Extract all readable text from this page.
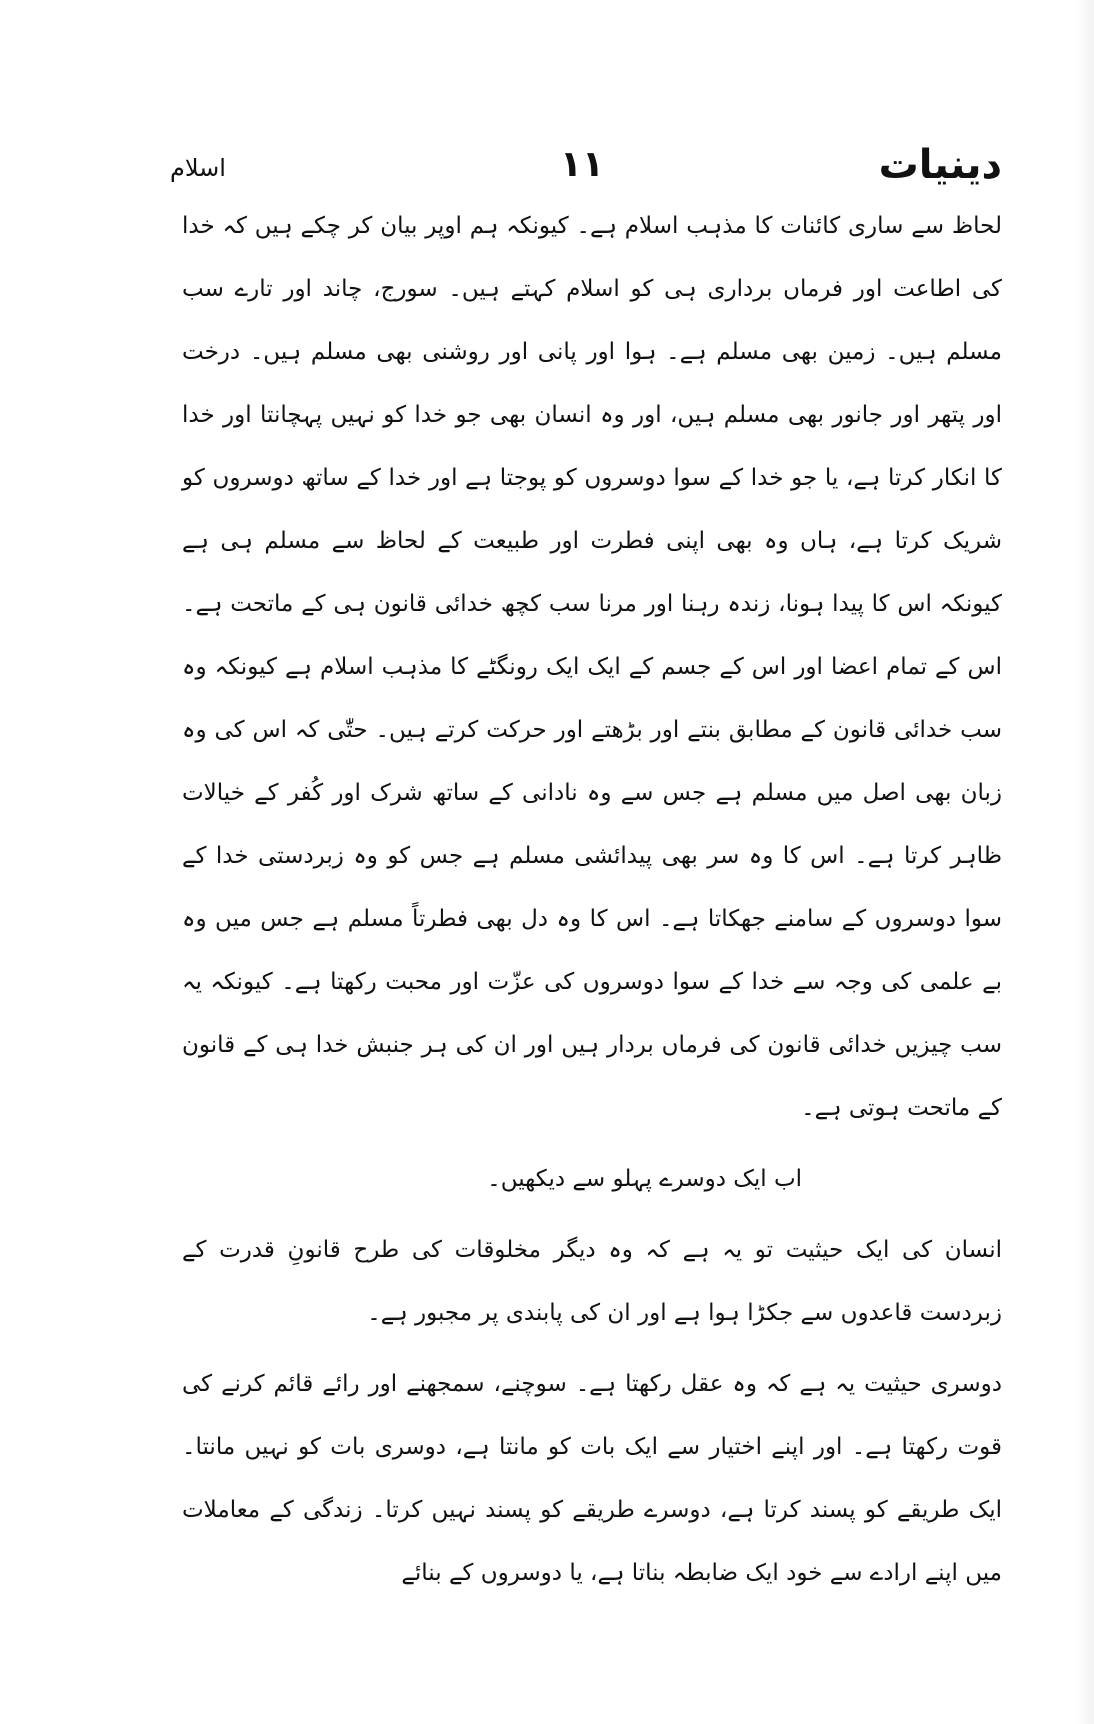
دینیات
۱۱
اسلام

لحاظ سے ساری کائنات کا مذہب اسلام ہے۔ کیونکہ ہم اوپر بیان کر چکے ہیں کہ خدا کی اطاعت اور فرماں برداری ہی کو اسلام کہتے ہیں۔ سورج، چاند اور تارے سب مسلم ہیں۔ زمین بھی مسلم ہے۔ ہوا اور پانی اور روشنی بھی مسلم ہیں۔ درخت اور پتھر اور جانور بھی مسلم ہیں، اور وہ انسان بھی جو خدا کو نہیں پہچانتا اور خدا کا انکار کرتا ہے، یا جو خدا کے سوا دوسروں کو پوجتا ہے اور خدا کے ساتھ دوسروں کو شریک کرتا ہے، ہاں وہ بھی اپنی فطرت اور طبیعت کے لحاظ سے مسلم ہی ہے کیونکہ اس کا پیدا ہونا، زندہ رہنا اور مرنا سب کچھ خدائی قانون ہی کے ماتحت ہے۔ اس کے تمام اعضا اور اس کے جسم کے ایک ایک رونگٹے کا مذہب اسلام ہے کیونکہ وہ سب خدائی قانون کے مطابق بنتے اور بڑھتے اور حرکت کرتے ہیں۔ حتّٰی کہ اس کی وہ زبان بھی اصل میں مسلم ہے جس سے وہ نادانی کے ساتھ شرک اور کُفر کے خیالات ظاہر کرتا ہے۔ اس کا وہ سر بھی پیدائشی مسلم ہے جس کو وہ زبردستی خدا کے سوا دوسروں کے سامنے جھکاتا ہے۔ اس کا وہ دل بھی فطرتاً مسلم ہے جس میں وہ بے علمی کی وجہ سے خدا کے سوا دوسروں کی عزّت اور محبت رکھتا ہے۔ کیونکہ یہ سب چیزیں خدائی قانون کی فرماں بردار ہیں اور ان کی ہر جنبش خدا ہی کے قانون کے ماتحت ہوتی ہے۔

اب ایک دوسرے پہلو سے دیکھیں۔

انسان کی ایک حیثیت تو یہ ہے کہ وہ دیگر مخلوقات کی طرح قانونِ قدرت کے زبردست قاعدوں سے جکڑا ہوا ہے اور ان کی پابندی پر مجبور ہے۔

دوسری حیثیت یہ ہے کہ وہ عقل رکھتا ہے۔ سوچنے، سمجھنے اور رائے قائم کرنے کی قوت رکھتا ہے۔ اور اپنے اختیار سے ایک بات کو مانتا ہے، دوسری بات کو نہیں مانتا۔ ایک طریقے کو پسند کرتا ہے، دوسرے طریقے کو پسند نہیں کرتا۔ زندگی کے معاملات میں اپنے ارادے سے خود ایک ضابطہ بناتا ہے، یا دوسروں کے بنائے
